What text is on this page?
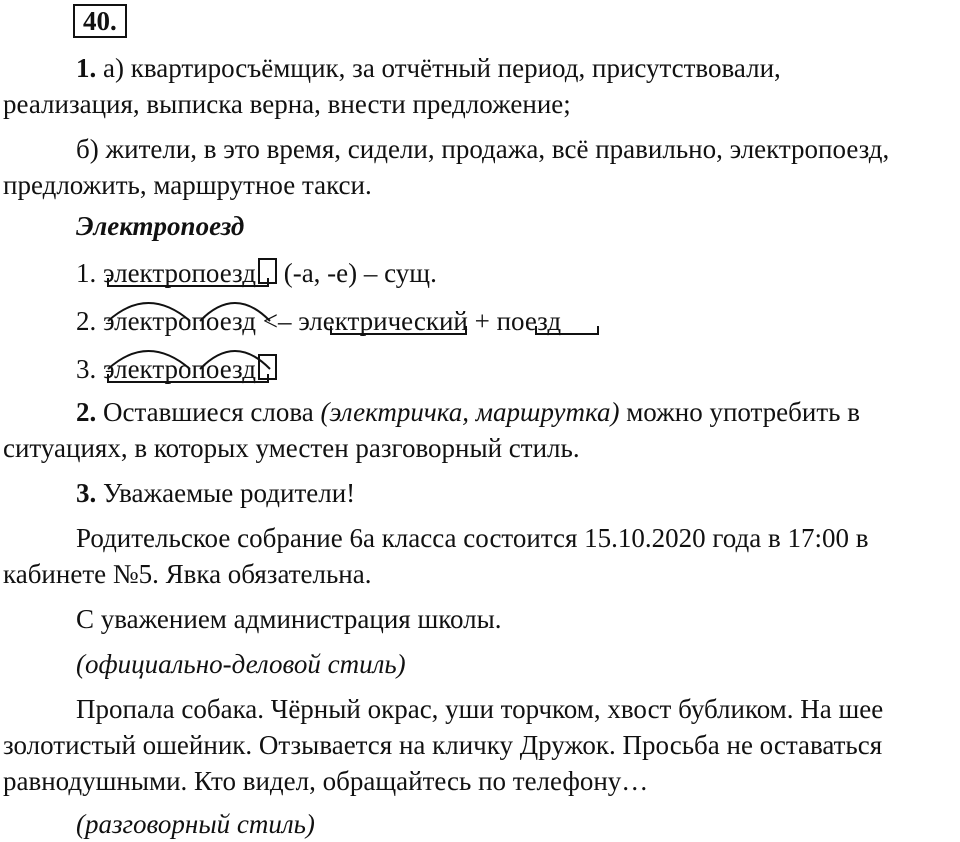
40.

1. а) квартиросъёмщик, за отчётный период, присутствовали,

реализация, выписка верна, внести предложение;

б) жители, в это время, сидели, продажа, всё правильно, электропоезд,

предложить, маршрутное такси.

Электропоезд

1. электропоезд (-а, -е) – сущ.

2. электропоезд <– электрический + поезд

3. электропоезд

2. Оставшиеся слова (электричка, маршрутка) можно употребить в

ситуациях, в которых уместен разговорный стиль.

3. Уважаемые родители!

Родительское собрание 6а класса состоится 15.10.2020 года в 17:00 в

кабинете №5. Явка обязательна.

С уважением администрация школы.

(официально-деловой стиль)

Пропала собака. Чёрный окрас, уши торчком, хвост бубликом. На шее

золотистый ошейник. Отзывается на кличку Дружок. Просьба не оставаться

равнодушными. Кто видел, обращайтесь по телефону…

(разговорный стиль)
